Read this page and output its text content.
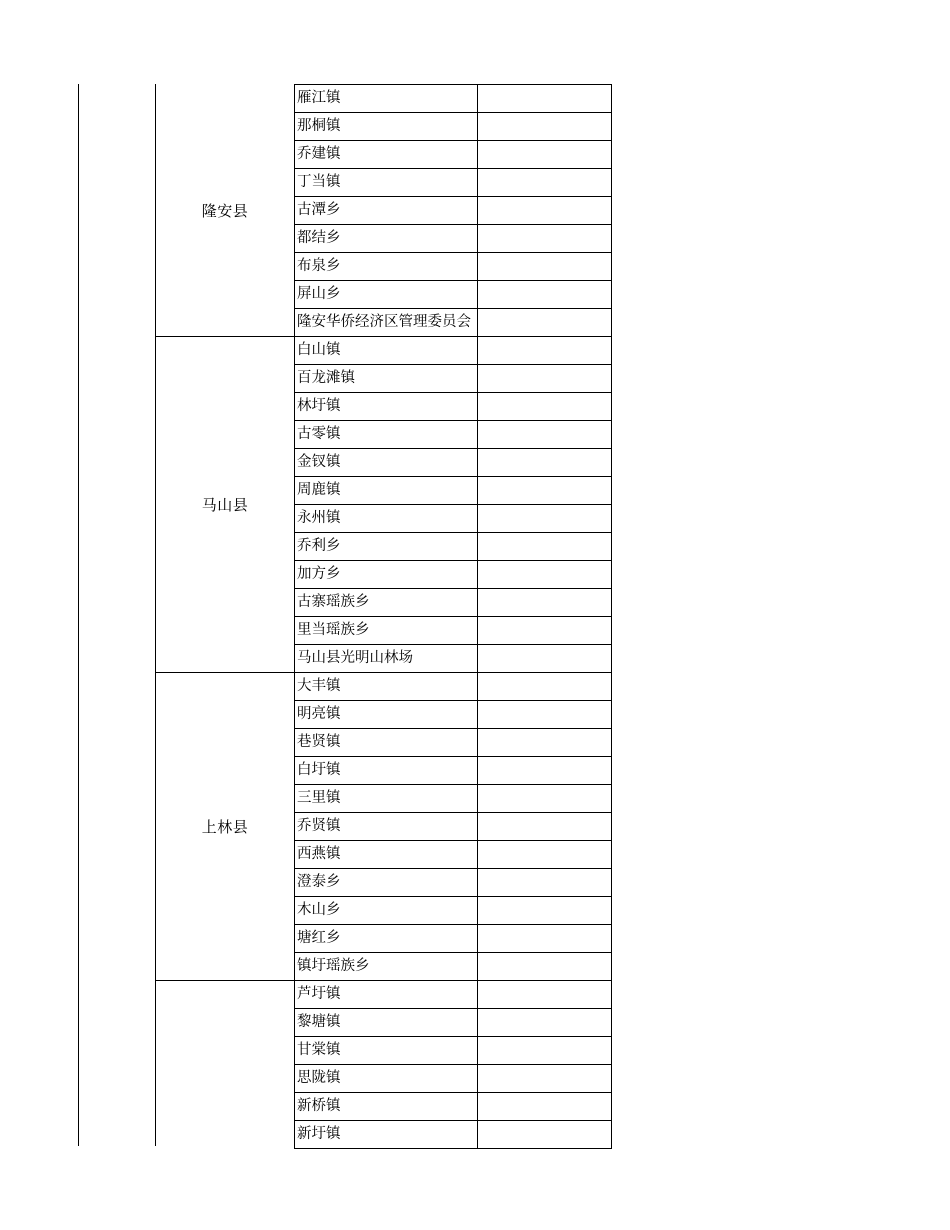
隆安县
雁江镇
那桐镇
乔建镇
丁当镇
古潭乡
都结乡
布泉乡
屏山乡
隆安华侨经济区管理委员会
马山县
白山镇
百龙滩镇
林圩镇
古零镇
金钗镇
周鹿镇
永州镇
乔利乡
加方乡
古寨瑶族乡
里当瑶族乡
马山县光明山林场
上林县
大丰镇
明亮镇
巷贤镇
白圩镇
三里镇
乔贤镇
西燕镇
澄泰乡
木山乡
塘红乡
镇圩瑶族乡
芦圩镇
黎塘镇
甘棠镇
思陇镇
新桥镇
新圩镇
